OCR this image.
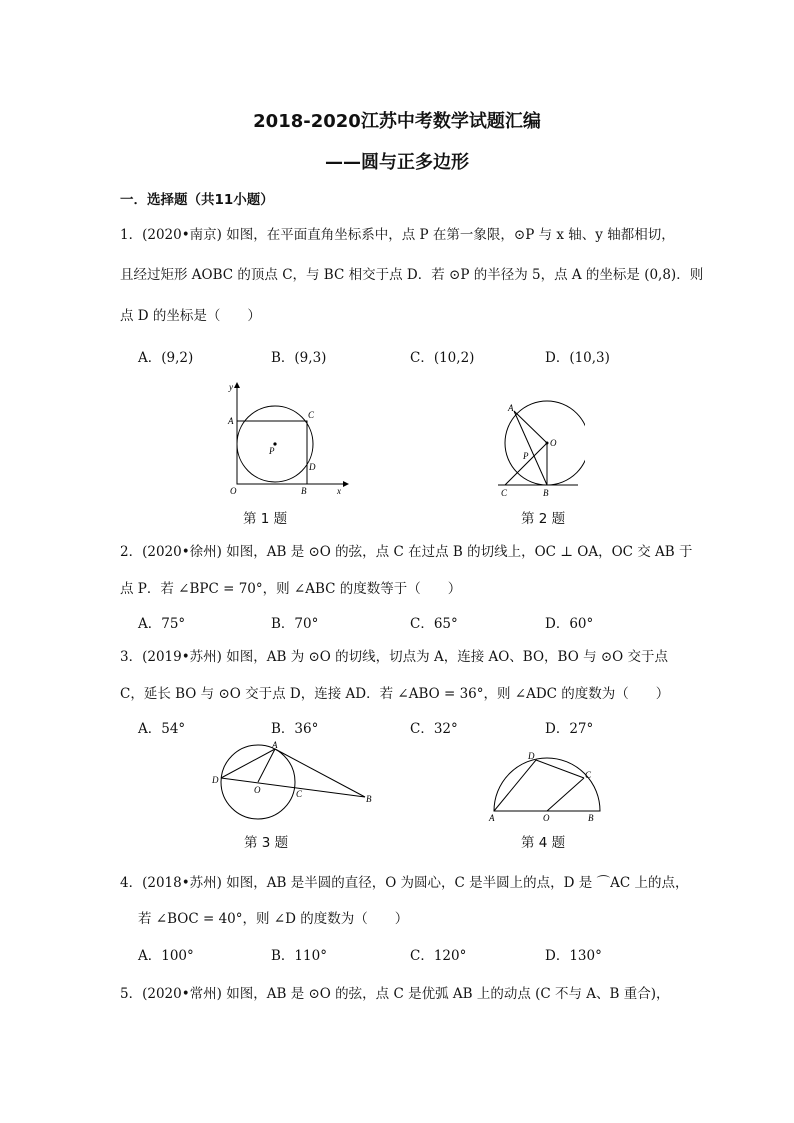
2018-2020江苏中考数学试题汇编
——圆与正多边形
一．选择题（共11小题）
1．(2020•南京) 如图，在平面直角坐标系中，点 P 在第一象限，⊙P 与 x 轴、y 轴都相切，
且经过矩形 AOBC 的顶点 C，与 BC 相交于点 D．若 ⊙P 的半径为 5，点 A 的坐标是 (0,8)．则
点 D 的坐标是（　　）
A．(9,2)	B．(9,3)	C．(10,2)	D．(10,3)
y
x
A
C
P
D
O	B
第 1 题
A
O
P
C	B
第 2 题
2．(2020•徐州) 如图，AB 是 ⊙O 的弦，点 C 在过点 B 的切线上，OC ⊥ OA，OC 交 AB 于
点 P．若 ∠BPC = 70°，则 ∠ABC 的度数等于（　　）
A．75°	B．70°	C．65°	D．60°
3．(2019•苏州) 如图，AB 为 ⊙O 的切线，切点为 A，连接 AO、BO，BO 与 ⊙O 交于点
C，延长 BO 与 ⊙O 交于点 D，连接 AD．若 ∠ABO = 36°，则 ∠ADC 的度数为（　　）
A．54°	B．36°	C．32°	D．27°
A
D
O	C	B
第 3 题
D
C
A	O	B
第 4 题
4．(2018•苏州) 如图，AB 是半圆的直径，O 为圆心，C 是半圆上的点，D 是 ⌒AC 上的点，
若 ∠BOC = 40°，则 ∠D 的度数为（　　）
A．100°	B．110°	C．120°	D．130°
5．(2020•常州) 如图，AB 是 ⊙O 的弦，点 C 是优弧 AB 上的动点 (C 不与 A、B 重合)，
